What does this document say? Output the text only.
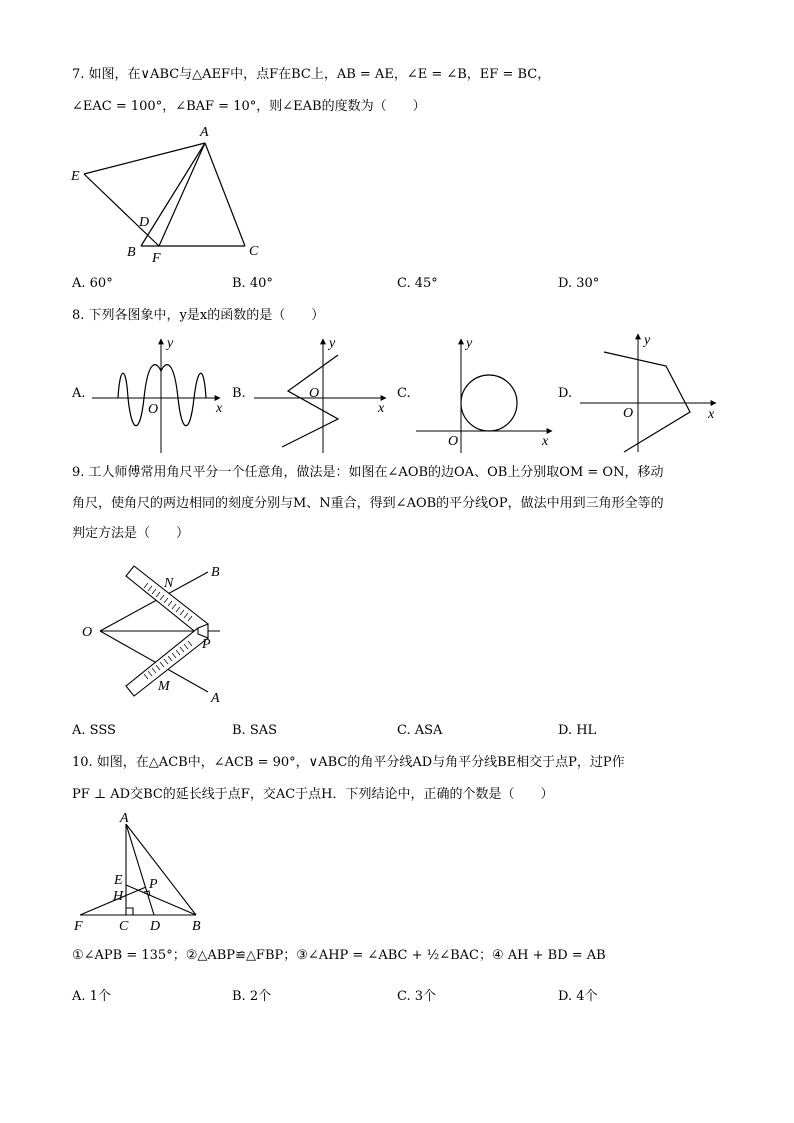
7. 如图，在∨ABC与△AEF中，点F在BC上，AB = AE，∠E = ∠B，EF = BC，
∠EAC = 100°，∠BAF = 10°，则∠EAB的度数为（　　）
A
E
D
B F	C
A. 60°	B. 40°	C. 45°	D. 30°
8. 下列各图象中，y是x的函数的是（　　）
A.
y
x
O
B.
y
x
O	C.
y
x
O
D.
y
x
O
9. 工人师傅常用角尺平分一个任意角，做法是：如图在∠AOB的边OA、OB上分别取OM = ON，移动
角尺，使角尺的两边相同的刻度分别与M、N重合，得到∠AOB的平分线OP，做法中用到三角形全等的
判定方法是（　　）
O
B
N
P
M
A
A. SSS	B. SAS	C. ASA	D. HL
10. 如图，在△ACB中，∠ACB = 90°，∨ABC的角平分线AD与角平分线BE相交于点P，过P作
PF ⊥ AD交BC的延长线于点F，交AC于点H．下列结论中，正确的个数是（　　）
A
E P
H
F	C D B
①∠APB = 135°；②△ABP≌△FBP；③∠AHP = ∠ABC + ½∠BAC；④ AH + BD = AB
A. 1个	B. 2个	C. 3个	D. 4个
